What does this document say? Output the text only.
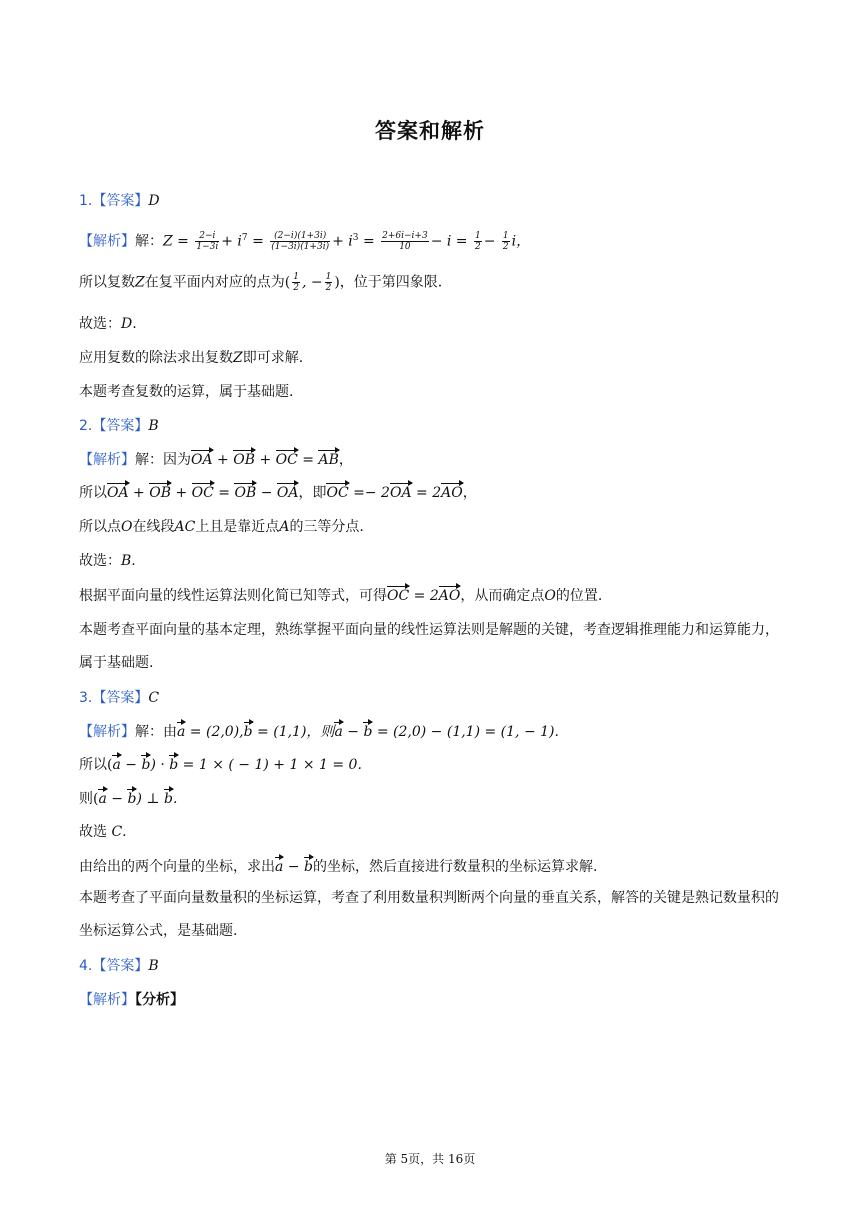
答案和解析
1.【答案】D
【解析】解：$Z = \frac{2-i}{1-3i} + i^7 = \frac{(2-i)(1+3i)}{(1-3i)(1+3i)} + i^3 = \frac{2+6i-i+3}{10} - i = \frac{1}{2} - \frac{1}{2}$ i，
所以复数Z在复平面内对应的点为( $\frac{1}{2}$ , − $\frac{1}{2}$ )，位于第四象限.
故选：D.
应用复数的除法求出复数Z即可求解.
本题考查复数的运算，属于基础题.
2.【答案】B
【解析】解：因为OA + OB + OC = AB，
所以OA + OB + OC = OB − OA，即OC =− 2OA = 2AO，
所以点O在线段AC上且是靠近点A的三等分点.
故选：B.
根据平面向量的线性运算法则化简已知等式，可得OC = 2AO，从而确定点O的位置.
本题考查平面向量的基本定理，熟练掌握平面向量的线性运算法则是解题的关键，考查逻辑推理能力和运算能力，属于基础题.
3.【答案】C
【解析】解：由a = (2,0),b = (1,1)，则a − b = (2,0) − (1,1) = (1, − 1).
所以(a − b) · b = 1 × ( − 1) + 1 × 1 = 0.
则(a − b) ⊥ b.
故选 C.
由给出的两个向量的坐标，求出a − b的坐标，然后直接进行数量积的坐标运算求解.
本题考查了平面向量数量积的坐标运算，考查了利用数量积判断两个向量的垂直关系，解答的关键是熟记数量积的坐标运算公式，是基础题.
4.【答案】B
【解析】【分析】
第 5页，共 16页
